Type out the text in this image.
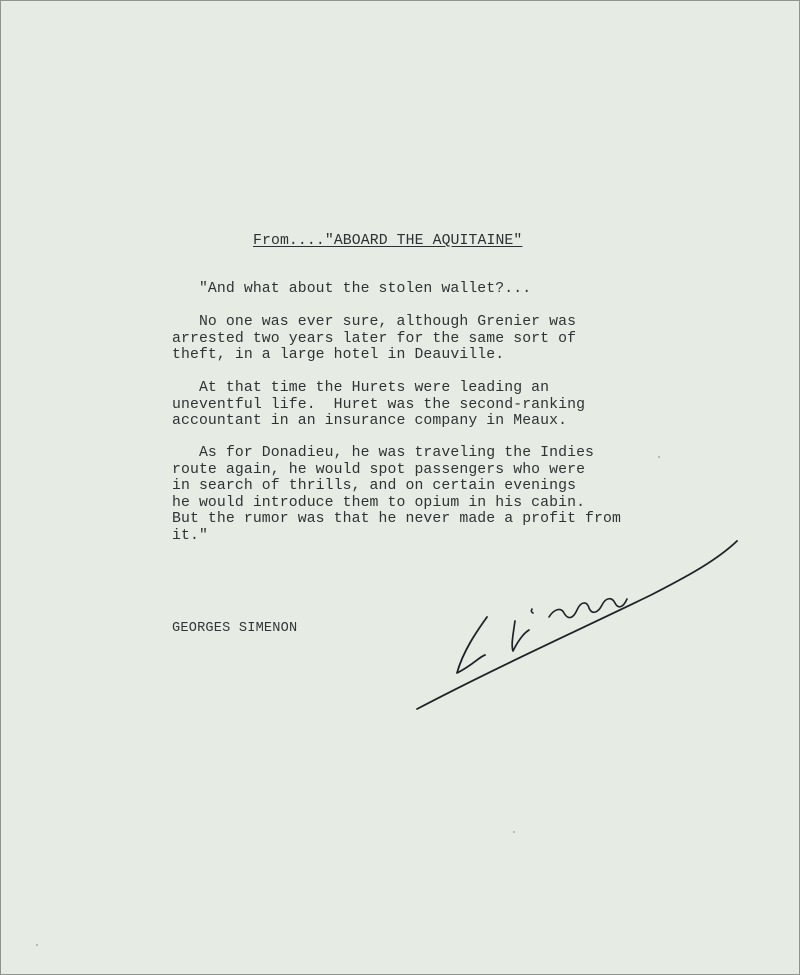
From...."ABOARD THE AQUITAINE"

"And what about the stolen wallet?...

No one was ever sure, although Grenier was
arrested two years later for the same sort of
theft, in a large hotel in Deauville.

At that time the Hurets were leading an
uneventful life.  Huret was the second-ranking
accountant in an insurance company in Meaux.

As for Donadieu, he was traveling the Indies
route again, he would spot passengers who were
in search of thrills, and on certain evenings
he would introduce them to opium in his cabin.
But the rumor was that he never made a profit from
it."

GEORGES SIMENON
